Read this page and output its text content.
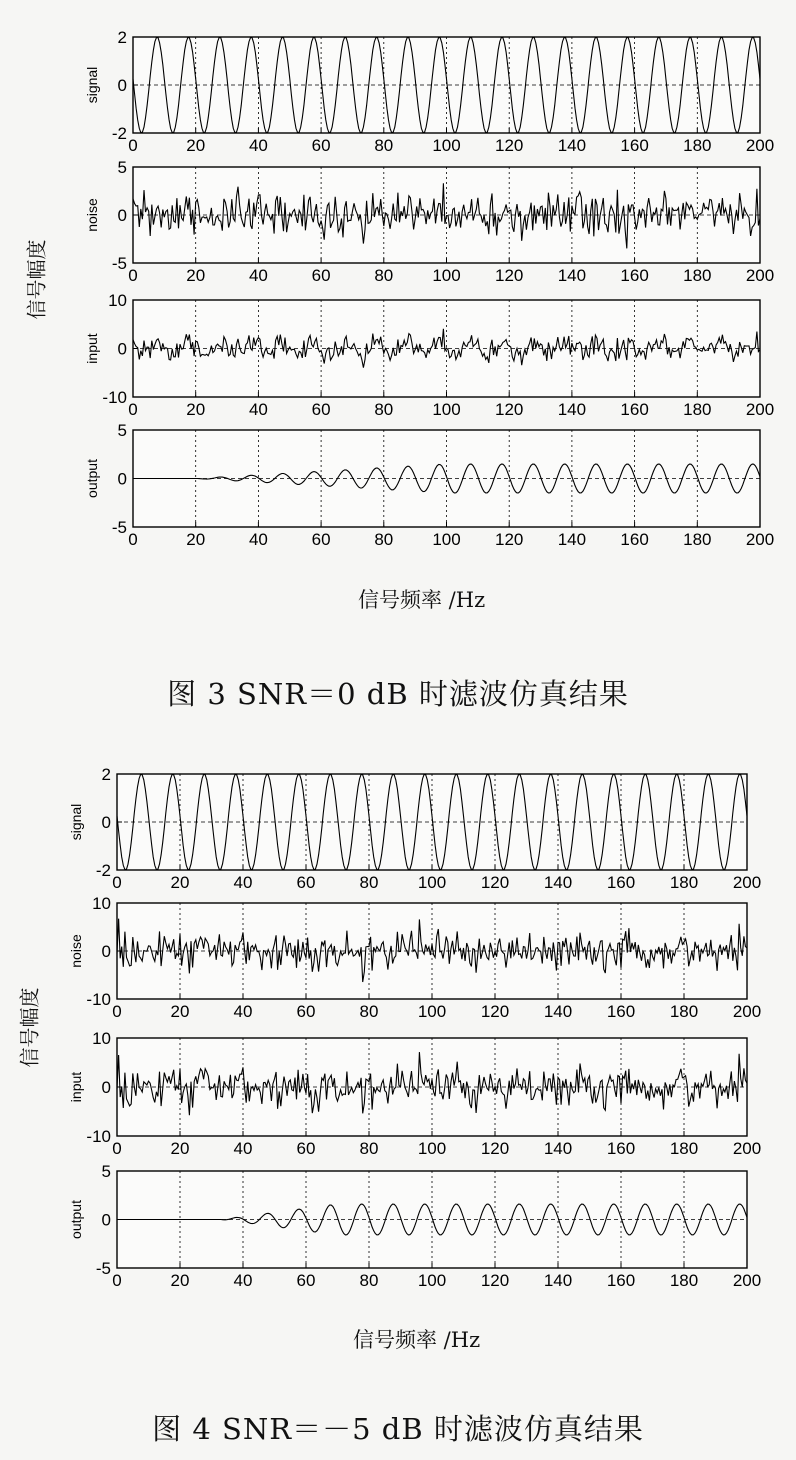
2
0
-2
signal
0	20	40	60	80 100 120 140 160 180 200
5
0
-5
noise
0	20	40	60	80 100 120 140 160 180 200
10
0
-10
input
0	20	40	60	80 100 120 140 160 180 200
5
0
-5
output
0	20	40	60	80 100 120 140 160 180 200
信号幅度
信号频率 /Hz
图 3 SNR＝0 dB 时滤波仿真结果
2
0
-2
signal
0	20	40	60	80 100 120 140 160 180 200
10
0
-10
noise
0	20	40	60	80 100 120 140 160 180 200
10
0
-10
input
0	20	40	60	80 100 120 140 160 180 200
5
0
-5
output
0	20	40	60	80 100 120 140 160 180 200
信号幅度
信号频率 /Hz
图 4 SNR＝－5 dB 时滤波仿真结果
